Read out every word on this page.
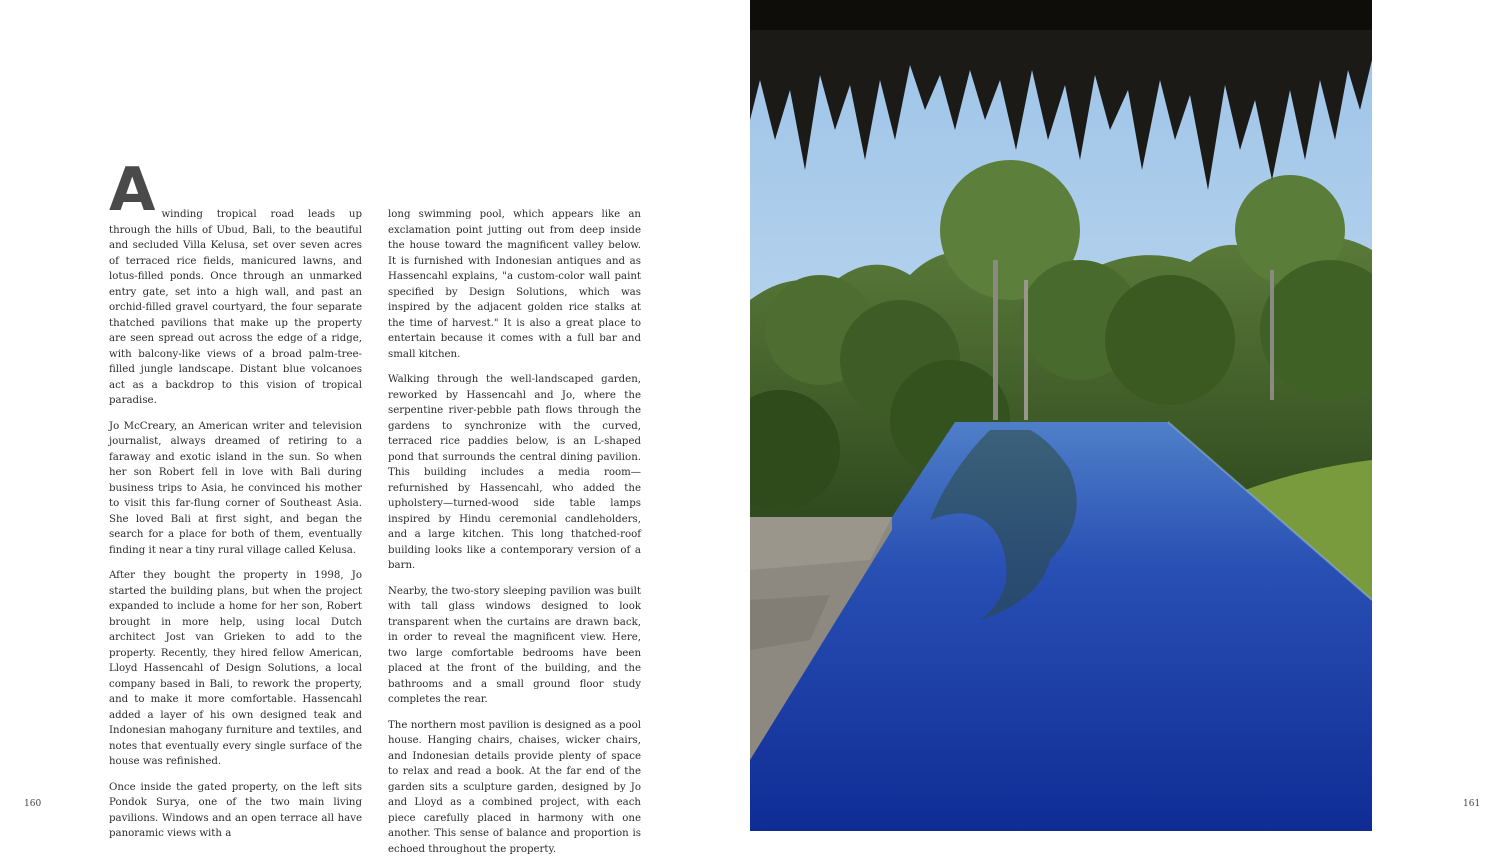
Awinding tropical road leads up through the hills of Ubud, Bali, to the beautiful and secluded Villa Kelusa, set over seven acres of terraced rice fields, manicured lawns, and lotus-filled ponds. Once through an unmarked entry gate, set into a high wall, and past an orchid-filled gravel courtyard, the four separate thatched pavilions that make up the property are seen spread out across the edge of a ridge, with balcony-like views of a broad palm-tree-filled jungle landscape. Distant blue volcanoes act as a backdrop to this vision of tropical paradise.

Jo McCreary, an American writer and television journalist, always dreamed of retiring to a faraway and exotic island in the sun. So when her son Robert fell in love with Bali during business trips to Asia, he convinced his mother to visit this far-flung corner of Southeast Asia. She loved Bali at first sight, and began the search for a place for both of them, eventually finding it near a tiny rural village called Kelusa.

After they bought the property in 1998, Jo started the building plans, but when the project expanded to include a home for her son, Robert brought in more help, using local Dutch architect Jost van Grieken to add to the property. Recently, they hired fellow American, Lloyd Hassencahl of Design Solutions, a local company based in Bali, to rework the property, and to make it more comfortable. Hassencahl added a layer of his own designed teak and Indonesian mahogany furniture and textiles, and notes that eventually every single surface of the house was refinished.

Once inside the gated property, on the left sits Pondok Surya, one of the two main living pavilions. Windows and an open terrace all have panoramic views with a

long swimming pool, which appears like an exclamation point jutting out from deep inside the house toward the magnificent valley below. It is furnished with Indonesian antiques and as Hassencahl explains, "a custom-color wall paint specified by Design Solutions, which was inspired by the adjacent golden rice stalks at the time of harvest." It is also a great place to entertain because it comes with a full bar and small kitchen.

Walking through the well-landscaped garden, reworked by Hassencahl and Jo, where the serpentine river-pebble path flows through the gardens to synchronize with the curved, terraced rice paddies below, is an L-shaped pond that surrounds the central dining pavilion. This building includes a media room—refurnished by Hassencahl, who added the upholstery—turned-wood side table lamps inspired by Hindu ceremonial candleholders, and a large kitchen. This long thatched-roof building looks like a contemporary version of a barn.

Nearby, the two-story sleeping pavilion was built with tall glass windows designed to look transparent when the curtains are drawn back, in order to reveal the magnificent view. Here, two large comfortable bedrooms have been placed at the front of the building, and the bathrooms and a small ground floor study completes the rear.

The northern most pavilion is designed as a pool house. Hanging chairs, chaises, wicker chairs, and Indonesian details provide plenty of space to relax and read a book. At the far end of the garden sits a sculpture garden, designed by Jo and Lloyd as a combined project, with each piece carefully placed in harmony with one another. This sense of balance and proportion is echoed throughout the property.

160	161
